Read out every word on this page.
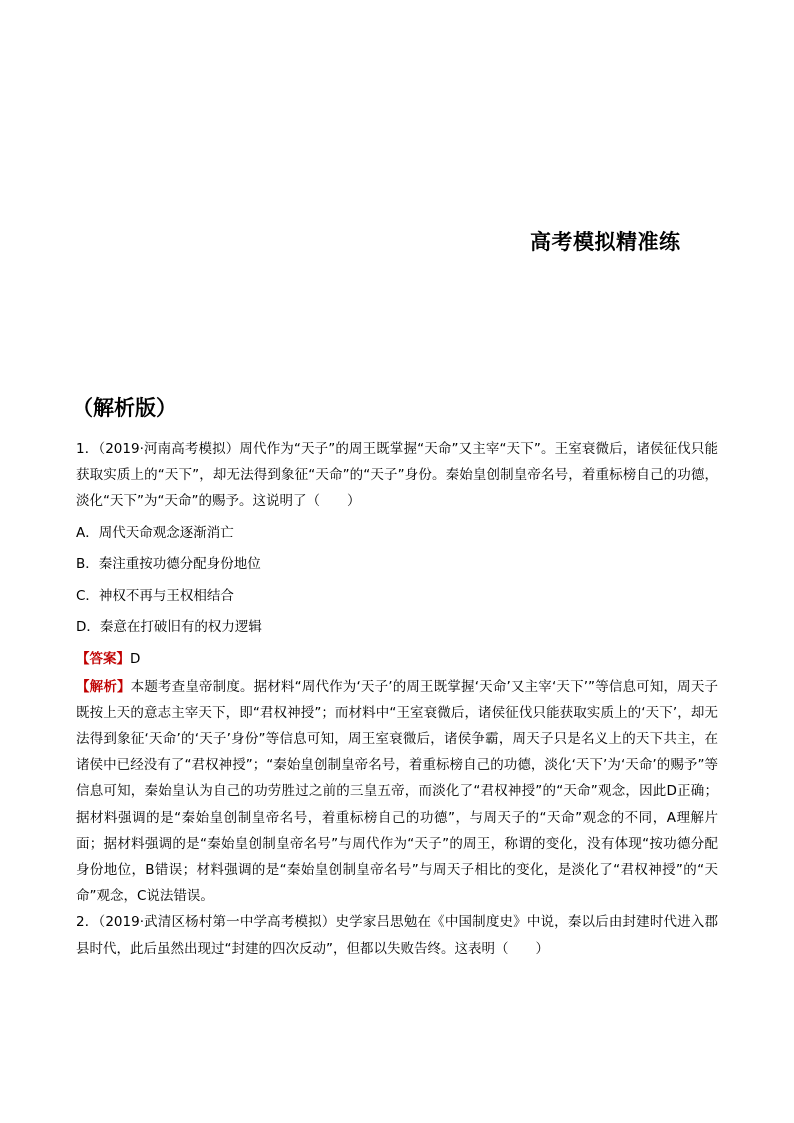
高考模拟精准练
（解析版）

1．（2019·河南高考模拟）周代作为“天子”的周王既掌握“天命”又主宰“天下”。王室衰微后，诸侯征伐只能获取实质上的“天下”，却无法得到象征“天命”的“天子”身份。秦始皇创制皇帝名号，着重标榜自己的功德，淡化“天下”为“天命”的赐予。这说明了（　　）

A．周代天命观念逐渐消亡

B．秦注重按功德分配身份地位

C．神权不再与王权相结合

D．秦意在打破旧有的权力逻辑

【答案】D

【解析】本题考查皇帝制度。据材料“周代作为‘天子’的周王既掌握‘天命’又主宰‘天下’”等信息可知，周天子既按上天的意志主宰天下，即“君权神授”；而材料中“王室衰微后，诸侯征伐只能获取实质上的‘天下’，却无法得到象征‘天命’的‘天子’身份”等信息可知，周王室衰微后，诸侯争霸，周天子只是名义上的天下共主，在诸侯中已经没有了“君权神授”；“秦始皇创制皇帝名号，着重标榜自己的功德，淡化‘天下’为‘天命’的赐予”等信息可知，秦始皇认为自己的功劳胜过之前的三皇五帝，而淡化了“君权神授”的“天命”观念，因此D正确；据材料强调的是“秦始皇创制皇帝名号，着重标榜自己的功德”，与周天子的“天命”观念的不同，A理解片面；据材料强调的是“秦始皇创制皇帝名号”与周代作为“天子”的周王，称谓的变化，没有体现“按功德分配身份地位，B错误；材料强调的是“秦始皇创制皇帝名号”与周天子相比的变化，是淡化了“君权神授”的“天命”观念，C说法错误。

2．（2019·武清区杨村第一中学高考模拟）史学家吕思勉在《中国制度史》中说，秦以后由封建时代进入郡县时代，此后虽然出现过“封建的四次反动”，但都以失败告终。这表明（　　）
